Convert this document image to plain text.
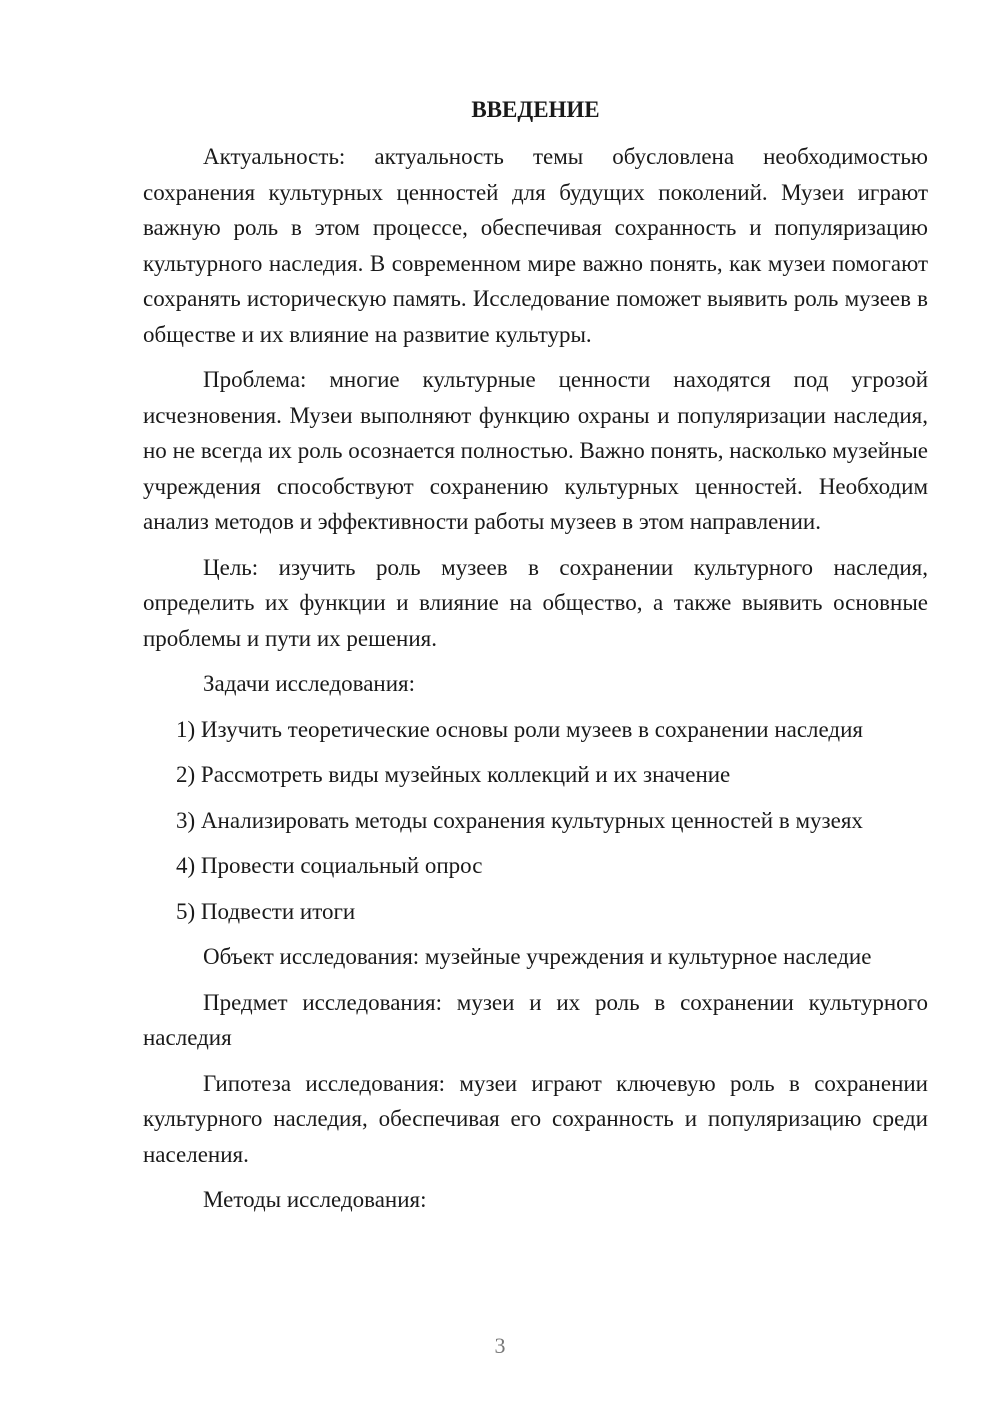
ВВЕДЕНИЕ

Актуальность: актуальность темы обусловлена необходимостью сохранения культурных ценностей для будущих поколений. Музеи играют важную роль в этом процессе, обеспечивая сохранность и популяризацию культурного наследия. В современном мире важно понять, как музеи помогают сохранять историческую память. Исследование поможет выявить роль музеев в обществе и их влияние на развитие культуры.

Проблема: многие культурные ценности находятся под угрозой исчезновения. Музеи выполняют функцию охраны и популяризации наследия, но не всегда их роль осознается полностью. Важно понять, насколько музейные учреждения способствуют сохранению культурных ценностей. Необходим анализ методов и эффективности работы музеев в этом направлении.

Цель: изучить роль музеев в сохранении культурного наследия, определить их функции и влияние на общество, а также выявить основные проблемы и пути их решения.

Задачи исследования:

1) Изучить теоретические основы роли музеев в сохранении наследия
2) Рассмотреть виды музейных коллекций и их значение
3) Анализировать методы сохранения культурных ценностей в музеях
4) Провести социальный опрос
5) Подвести итоги

Объект исследования: музейные учреждения и культурное наследие

Предмет исследования: музеи и их роль в сохранении культурного наследия

Гипотеза исследования: музеи играют ключевую роль в сохранении культурного наследия, обеспечивая его сохранность и популяризацию среди населения.

Методы исследования:

3
